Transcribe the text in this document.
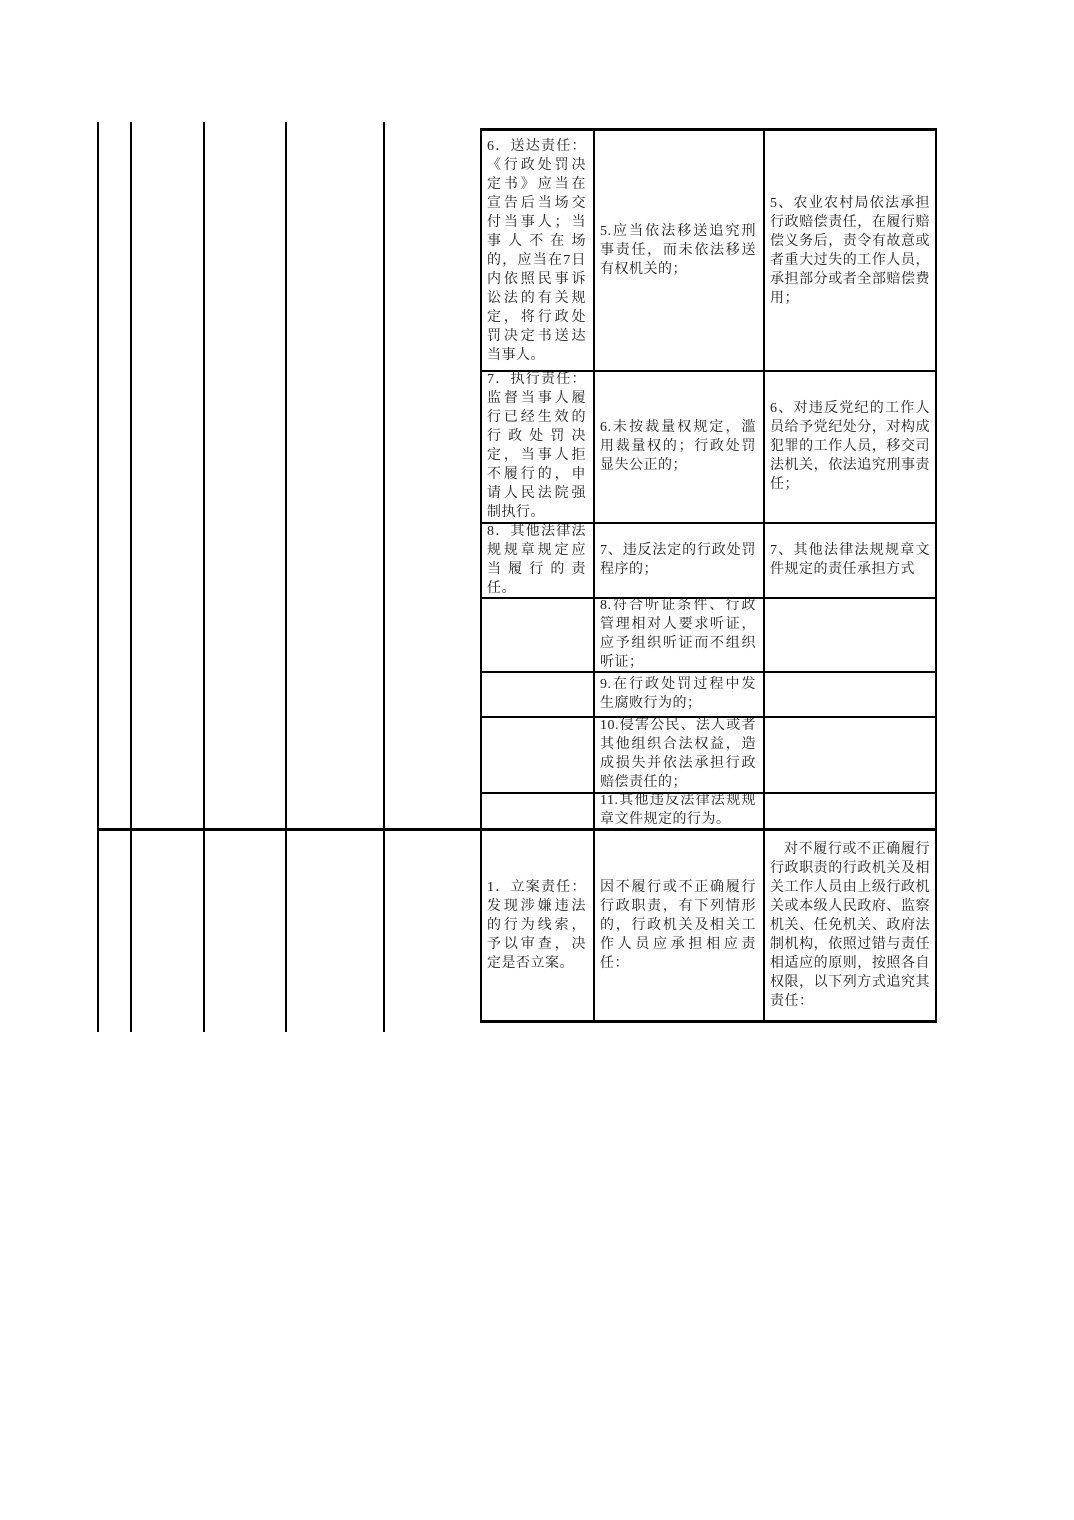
6．送达责任：《行政处罚决定书》应当在宣告后当场交付当事人；当事人不在场的，应当在7日内依照民事诉讼法的有关规定，将行政处罚决定书送达当事人。
5.应当依法移送追究刑事责任，而未依法移送有权机关的；
5、农业农村局依法承担行政赔偿责任，在履行赔偿义务后，责令有故意或者重大过失的工作人员，承担部分或者全部赔偿费用；
7．执行责任：监督当事人履行已经生效的行政处罚决定，当事人拒不履行的，申请人民法院强制执行。
6.未按裁量权规定，滥用裁量权的；行政处罚显失公正的；
6、对违反党纪的工作人员给予党纪处分，对构成犯罪的工作人员，移交司法机关，依法追究刑事责任；
8．其他法律法规规章规定应当履行的责任。
7、违反法定的行政处罚程序的；
7、其他法律法规规章文件规定的责任承担方式
8.符合听证条件、行政管理相对人要求听证，应予组织听证而不组织听证；
9.在行政处罚过程中发生腐败行为的；
10.侵害公民、法人或者其他组织合法权益，造成损失并依法承担行政赔偿责任的；
11.其他违反法律法规规章文件规定的行为。
1．立案责任：发现涉嫌违法的行为线索，予以审查，决定是否立案。
因不履行或不正确履行行政职责，有下列情形的，行政机关及相关工作人员应承担相应责任：
对不履行或不正确履行行政职责的行政机关及相关工作人员由上级行政机关或本级人民政府、监察机关、任免机关、政府法制机构，依照过错与责任相适应的原则，按照各自权限，以下列方式追究其责任：
